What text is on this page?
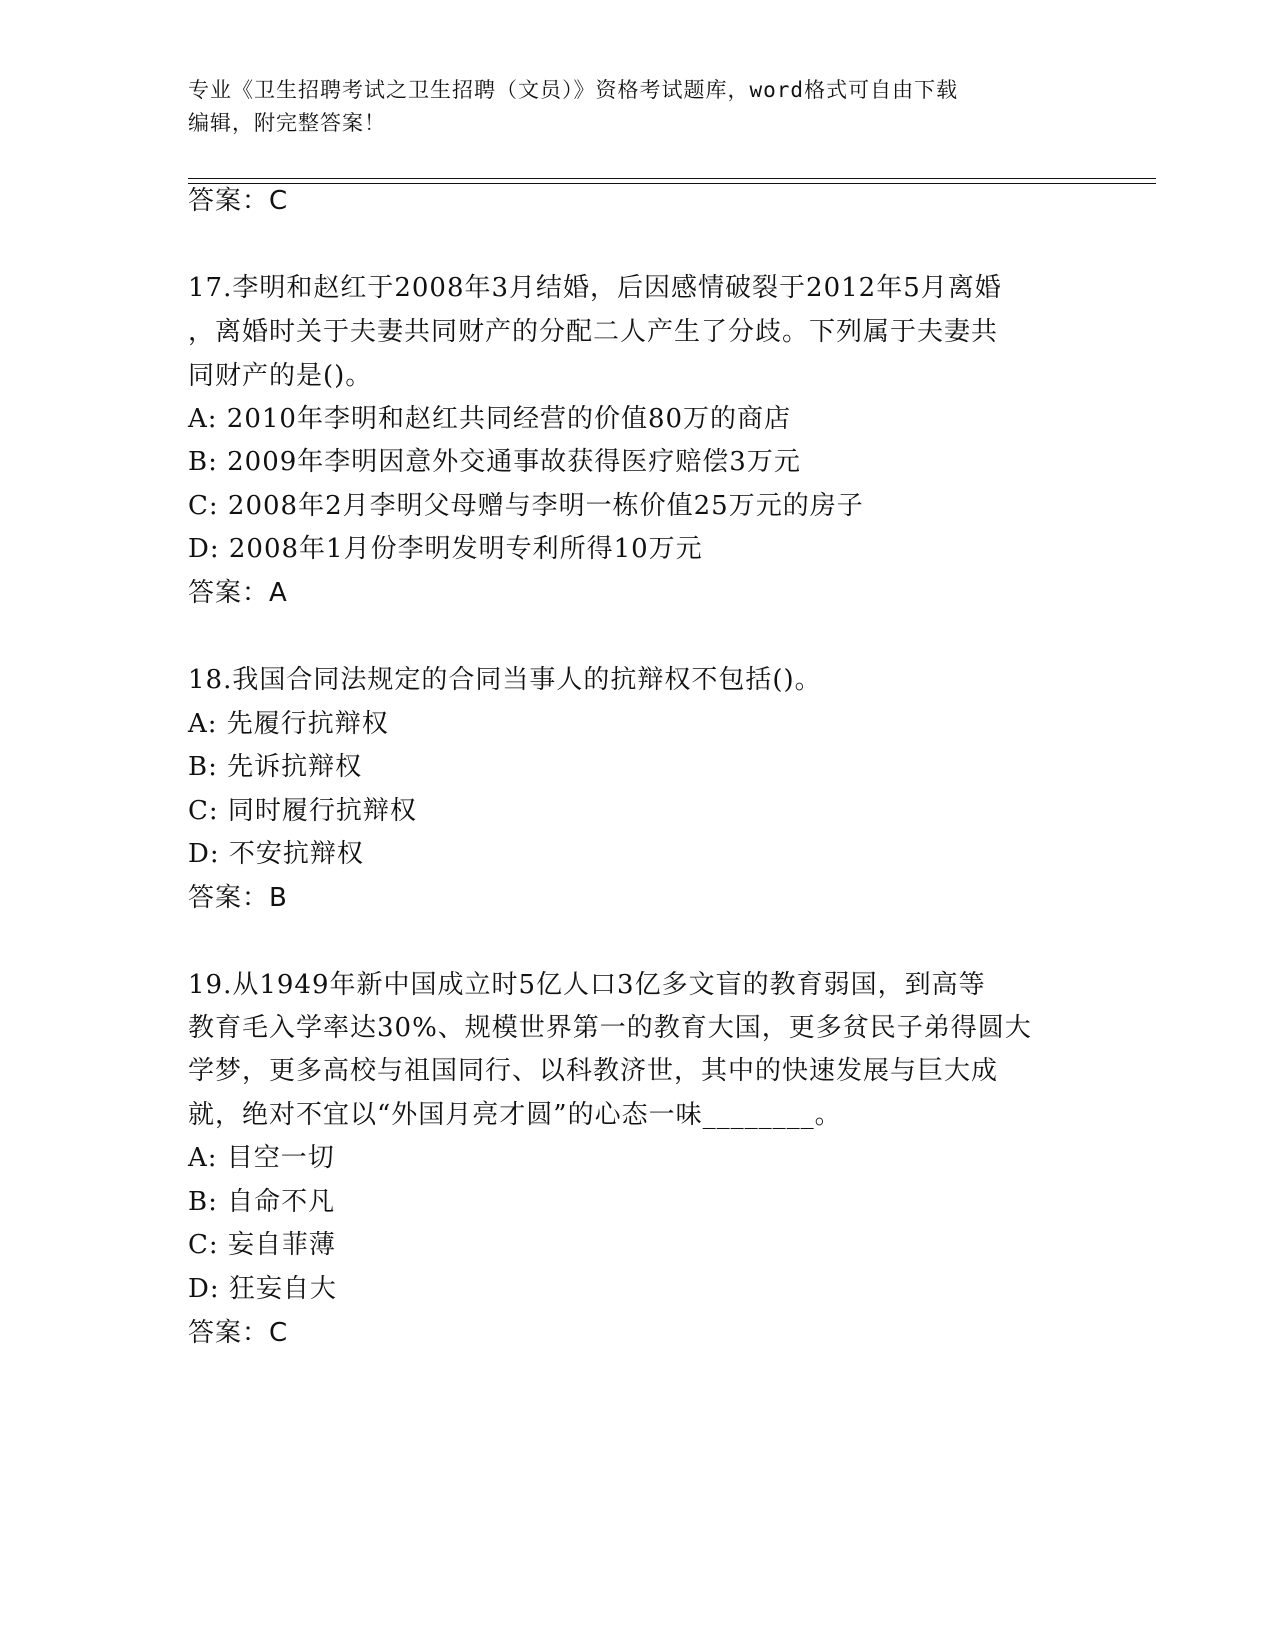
专业《卫生招聘考试之卫生招聘（文员）》资格考试题库，word格式可自由下载
编辑，附完整答案！
答案：C
17.李明和赵红于2008年3月结婚，后因感情破裂于2012年5月离婚
，离婚时关于夫妻共同财产的分配二人产生了分歧。下列属于夫妻共
同财产的是()。
A: 2010年李明和赵红共同经营的价值80万的商店
B: 2009年李明因意外交通事故获得医疗赔偿3万元
C: 2008年2月李明父母赠与李明一栋价值25万元的房子
D: 2008年1月份李明发明专利所得10万元
答案：A
18.我国合同法规定的合同当事人的抗辩权不包括()。
A: 先履行抗辩权
B: 先诉抗辩权
C: 同时履行抗辩权
D: 不安抗辩权
答案：B
19.从1949年新中国成立时5亿人口3亿多文盲的教育弱国，到高等
教育毛入学率达30%、规模世界第一的教育大国，更多贫民子弟得圆大
学梦，更多高校与祖国同行、以科教济世，其中的快速发展与巨大成
就，绝对不宜以“外国月亮才圆”的心态一味________。
A: 目空一切
B: 自命不凡
C: 妄自菲薄
D: 狂妄自大
答案：C
